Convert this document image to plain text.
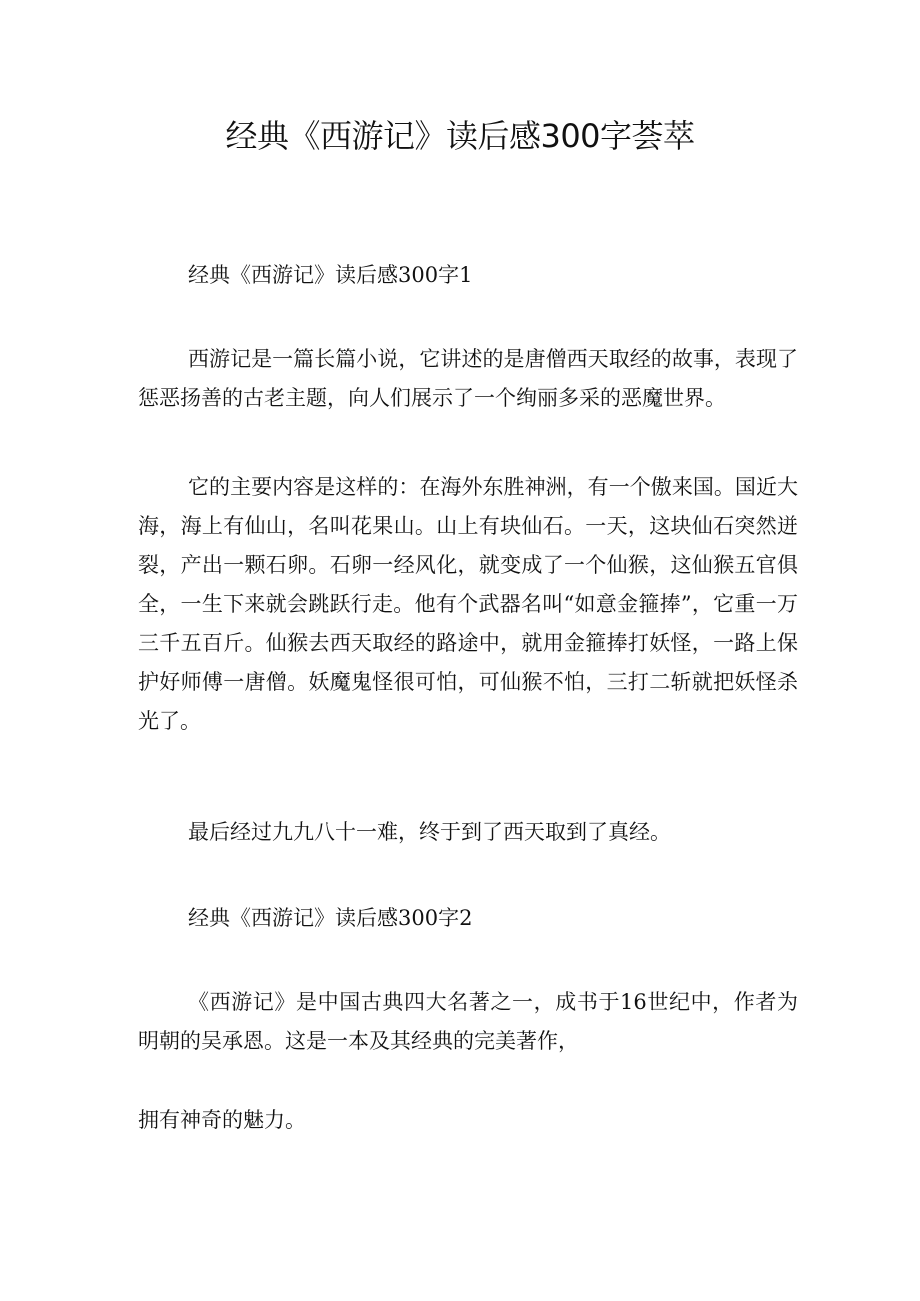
经典《西游记》读后感300字荟萃

经典《西游记》读后感300字1

西游记是一篇长篇小说，它讲述的是唐僧西天取经的故事，表现了惩恶扬善的古老主题，向人们展示了一个绚丽多采的恶魔世界。

它的主要内容是这样的：在海外东胜神洲，有一个傲来国。国近大海，海上有仙山，名叫花果山。山上有块仙石。一天，这块仙石突然迸裂，产出一颗石卵。石卵一经风化，就变成了一个仙猴，这仙猴五官俱全，一生下来就会跳跃行走。他有个武器名叫“如意金箍捧”，它重一万三千五百斤。仙猴去西天取经的路途中，就用金箍捧打妖怪，一路上保护好师傅一唐僧。妖魔鬼怪很可怕，可仙猴不怕，三打二斩就把妖怪杀光了。

最后经过九九八十一难，终于到了西天取到了真经。

经典《西游记》读后感300字2

《西游记》是中国古典四大名著之一，成书于16世纪中，作者为明朝的吴承恩。这是一本及其经典的完美著作，

拥有神奇的魅力。
